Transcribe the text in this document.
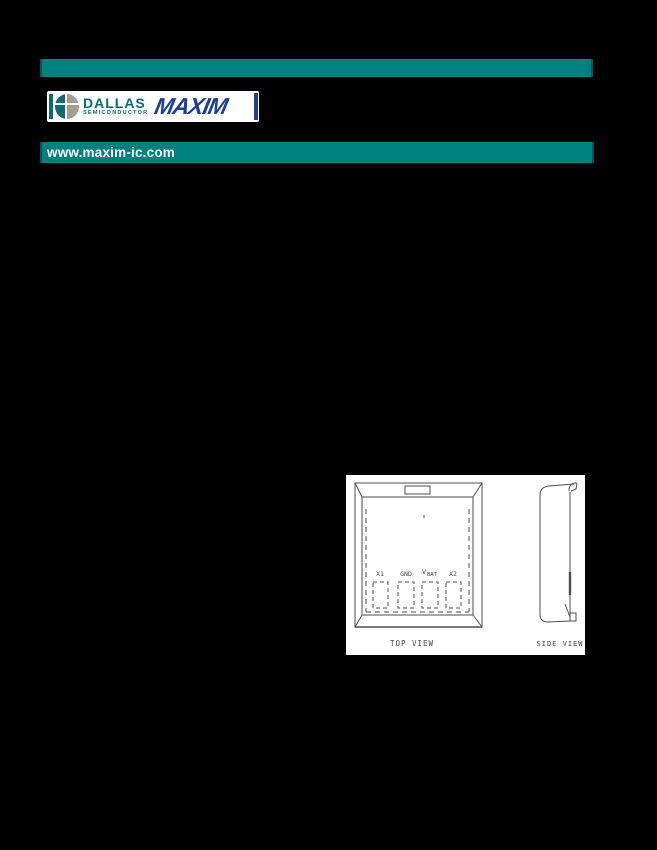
DALLAS
SEMICONDUCTOR MAXIM
www.maxim-ic.com
X1 GND V BAT X2
TOP VIEW	SIDE VIEW
